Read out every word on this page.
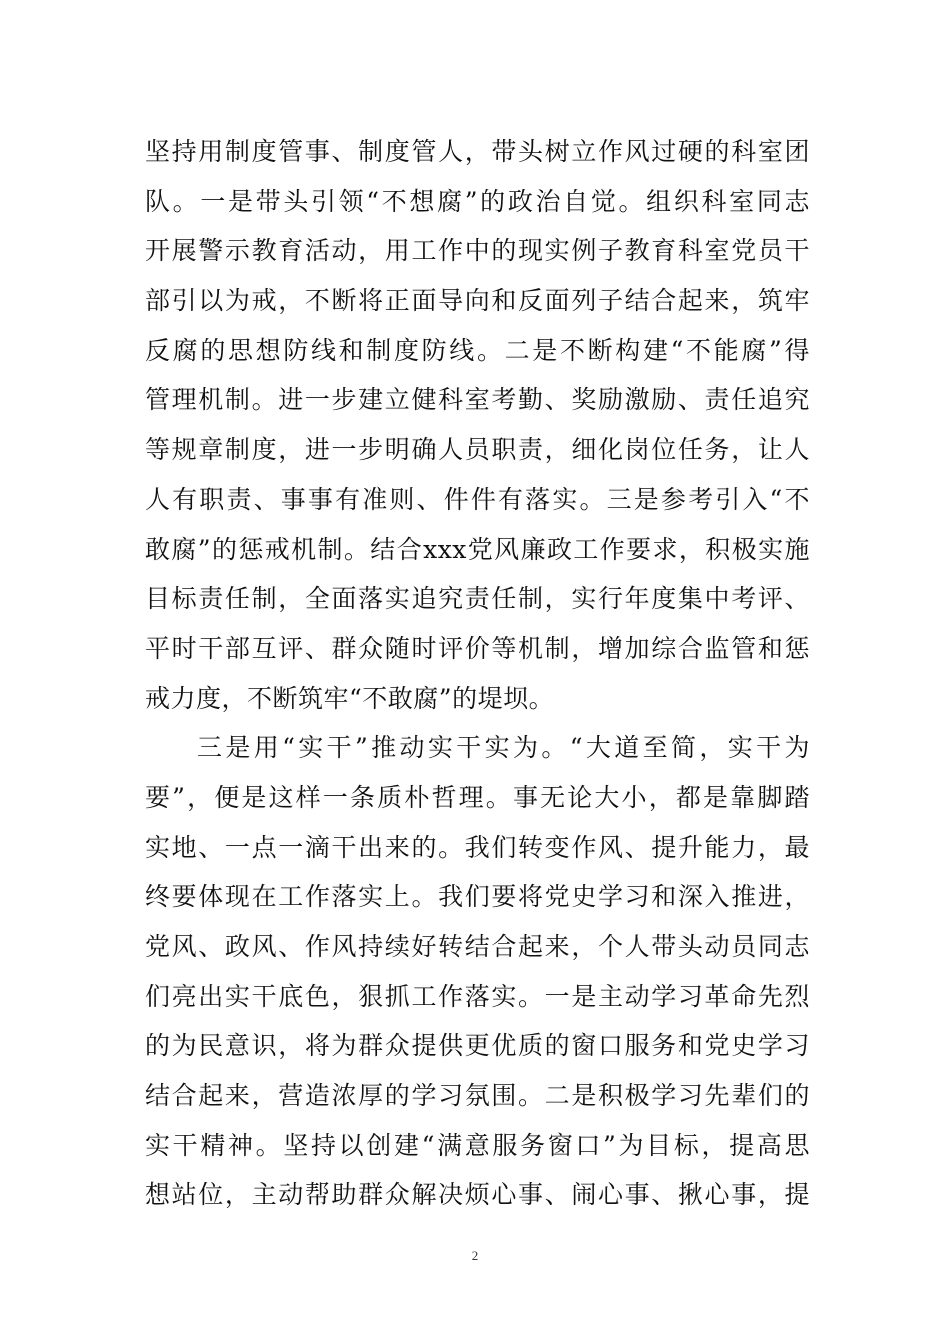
坚持用制度管事、制度管人，带头树立作风过硬的科室团
队。一是带头引领“不想腐”的政治自觉。组织科室同志
开展警示教育活动，用工作中的现实例子教育科室党员干
部引以为戒，不断将正面导向和反面列子结合起来，筑牢
反腐的思想防线和制度防线。二是不断构建“不能腐”得
管理机制。进一步建立健科室考勤、奖励激励、责任追究
等规章制度，进一步明确人员职责，细化岗位任务，让人
人有职责、事事有准则、件件有落实。三是参考引入“不
敢腐”的惩戒机制。结合xxx党风廉政工作要求，积极实施
目标责任制，全面落实追究责任制，实行年度集中考评、
平时干部互评、群众随时评价等机制，增加综合监管和惩
戒力度，不断筑牢“不敢腐”的堤坝。
三是用“实干”推动实干实为。“大道至简，实干为
要”，便是这样一条质朴哲理。事无论大小，都是靠脚踏
实地、一点一滴干出来的。我们转变作风、提升能力，最
终要体现在工作落实上。我们要将党史学习和深入推进，
党风、政风、作风持续好转结合起来，个人带头动员同志
们亮出实干底色，狠抓工作落实。一是主动学习革命先烈
的为民意识，将为群众提供更优质的窗口服务和党史学习
结合起来，营造浓厚的学习氛围。二是积极学习先辈们的
实干精神。坚持以创建“满意服务窗口”为目标，提高思
想站位，主动帮助群众解决烦心事、闹心事、揪心事，提
2
